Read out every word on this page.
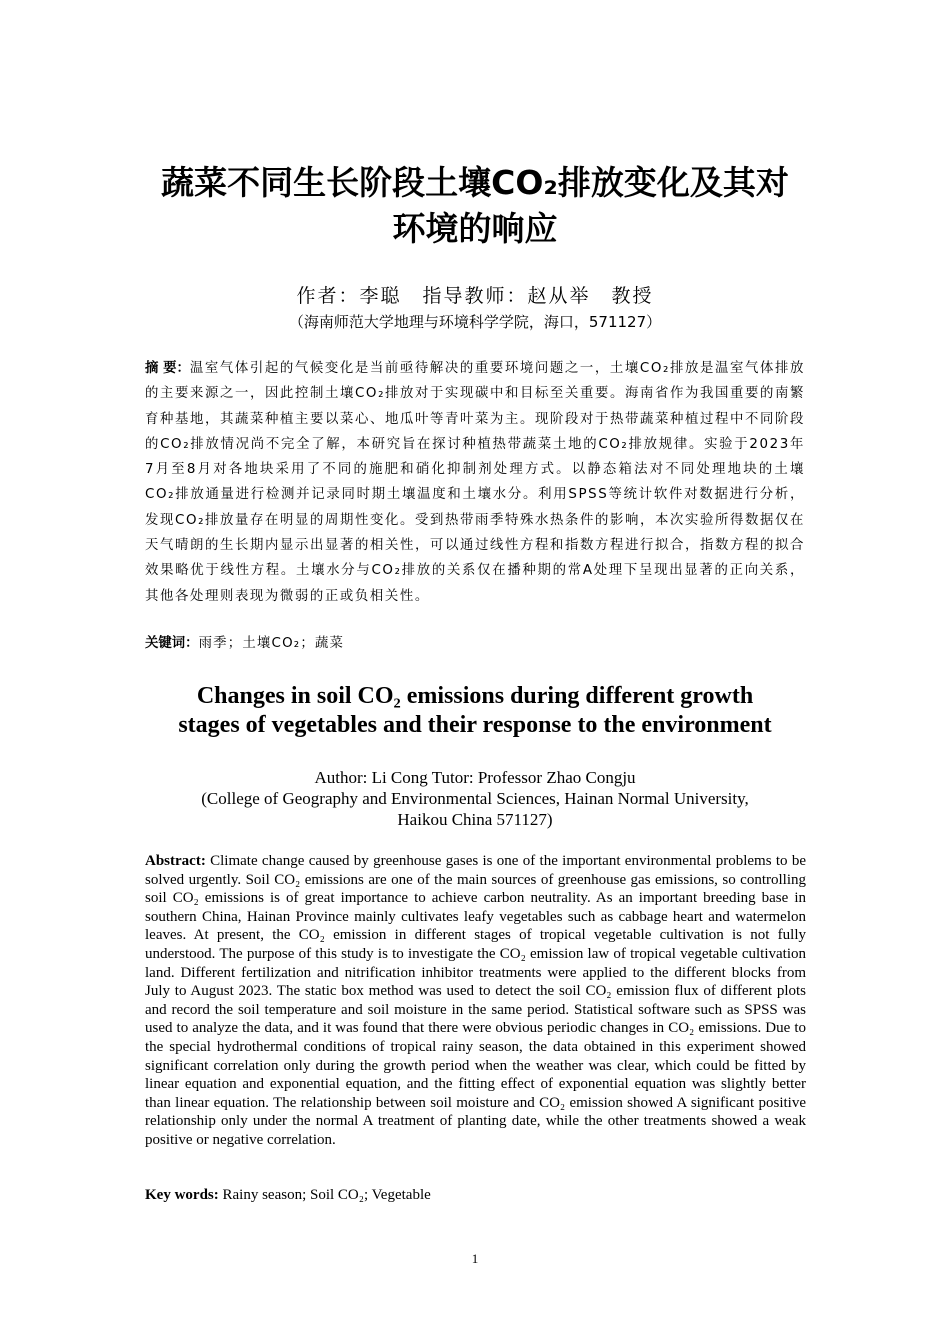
蔬菜不同生长阶段土壤CO₂排放变化及其对
环境的响应
作者：李聪　指导教师：赵从举　教授
（海南师范大学地理与环境科学学院，海口，571127）
摘 要：温室气体引起的气候变化是当前亟待解决的重要环境问题之一，土壤CO₂排放是温室气体排放的主要来源之一，因此控制土壤CO₂排放对于实现碳中和目标至关重要。海南省作为我国重要的南繁育种基地，其蔬菜种植主要以菜心、地瓜叶等青叶菜为主。现阶段对于热带蔬菜种植过程中不同阶段的CO₂排放情况尚不完全了解，本研究旨在探讨种植热带蔬菜土地的CO₂排放规律。实验于2023年7月至8月对各地块采用了不同的施肥和硝化抑制剂处理方式。以静态箱法对不同处理地块的土壤CO₂排放通量进行检测并记录同时期土壤温度和土壤水分。利用SPSS等统计软件对数据进行分析，发现CO₂排放量存在明显的周期性变化。受到热带雨季特殊水热条件的影响，本次实验所得数据仅在天气晴朗的生长期内显示出显著的相关性，可以通过线性方程和指数方程进行拟合，指数方程的拟合效果略优于线性方程。土壤水分与CO₂排放的关系仅在播种期的常A处理下呈现出显著的正向关系，其他各处理则表现为微弱的正或负相关性。
关键词：雨季；土壤CO₂；蔬菜
Changes in soil CO₂ emissions during different growth
stages of vegetables and their response to the environment
Author: Li Cong Tutor: Professor Zhao Congju
(College of Geography and Environmental Sciences, Hainan Normal University,
Haikou China 571127)
Abstract: Climate change caused by greenhouse gases is one of the important environmental problems to be solved urgently. Soil CO₂ emissions are one of the main sources of greenhouse gas emissions, so controlling soil CO₂ emissions is of great importance to achieve carbon neutrality. As an important breeding base in southern China, Hainan Province mainly cultivates leafy vegetables such as cabbage heart and watermelon leaves. At present, the CO₂ emission in different stages of tropical vegetable cultivation is not fully understood. The purpose of this study is to investigate the CO₂ emission law of tropical vegetable cultivation land. Different fertilization and nitrification inhibitor treatments were applied to the different blocks from July to August 2023. The static box method was used to detect the soil CO₂ emission flux of different plots and record the soil temperature and soil moisture in the same period. Statistical software such as SPSS was used to analyze the data, and it was found that there were obvious periodic changes in CO₂ emissions. Due to the special hydrothermal conditions of tropical rainy season, the data obtained in this experiment showed significant correlation only during the growth period when the weather was clear, which could be fitted by linear equation and exponential equation, and the fitting effect of exponential equation was slightly better than linear equation. The relationship between soil moisture and CO₂ emission showed A significant positive relationship only under the normal A treatment of planting date, while the other treatments showed a weak positive or negative correlation.
Key words: Rainy season; Soil CO₂; Vegetable
1
